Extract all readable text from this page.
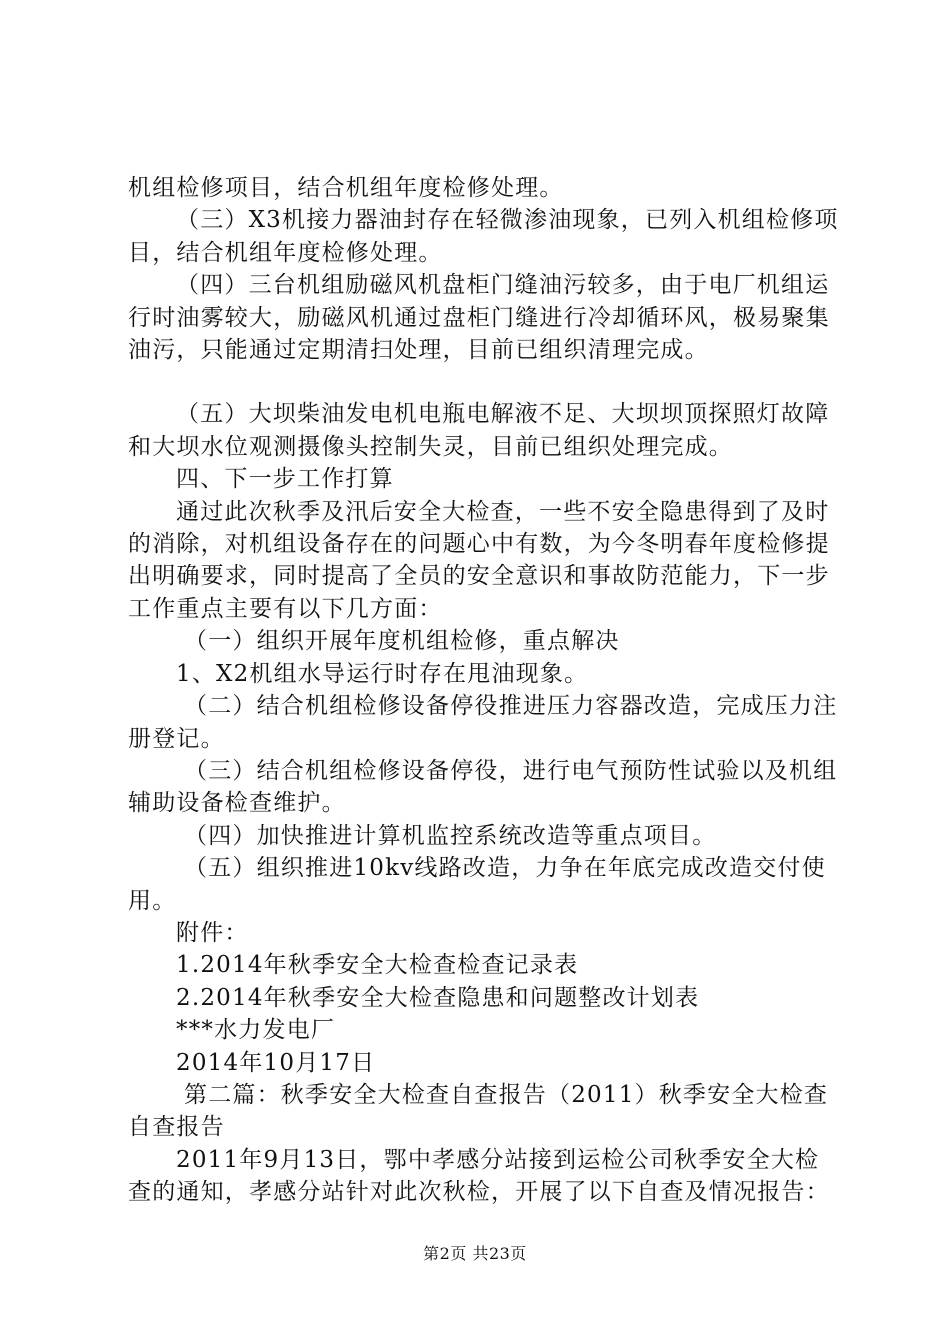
机组检修项目，结合机组年度检修处理。

（三）X3机接力器油封存在轻微渗油现象，已列入机组检修项目，结合机组年度检修处理。

（四）三台机组励磁风机盘柜门缝油污较多，由于电厂机组运行时油雾较大，励磁风机通过盘柜门缝进行冷却循环风，极易聚集油污，只能通过定期清扫处理，目前已组织清理完成。

（五）大坝柴油发电机电瓶电解液不足、大坝坝顶探照灯故障和大坝水位观测摄像头控制失灵，目前已组织处理完成。

四、下一步工作打算

通过此次秋季及汛后安全大检查，一些不安全隐患得到了及时的消除，对机组设备存在的问题心中有数，为今冬明春年度检修提出明确要求，同时提高了全员的安全意识和事故防范能力，下一步工作重点主要有以下几方面：

（一）组织开展年度机组检修，重点解决

1、X2机组水导运行时存在甩油现象。

（二）结合机组检修设备停役推进压力容器改造，完成压力注册登记。

（三）结合机组检修设备停役，进行电气预防性试验以及机组辅助设备检查维护。

（四）加快推进计算机监控系统改造等重点项目。

（五）组织推进10kv线路改造，力争在年底完成改造交付使用。

附件：

1.2014年秋季安全大检查检查记录表

2.2014年秋季安全大检查隐患和问题整改计划表

***水力发电厂

2014年10月17日

第二篇：秋季安全大检查自查报告（2011）秋季安全大检查自查报告

2011年9月13日，鄂中孝感分站接到运检公司秋季安全大检查的通知，孝感分站针对此次秋检，开展了以下自查及情况报告：

第2页 共23页
